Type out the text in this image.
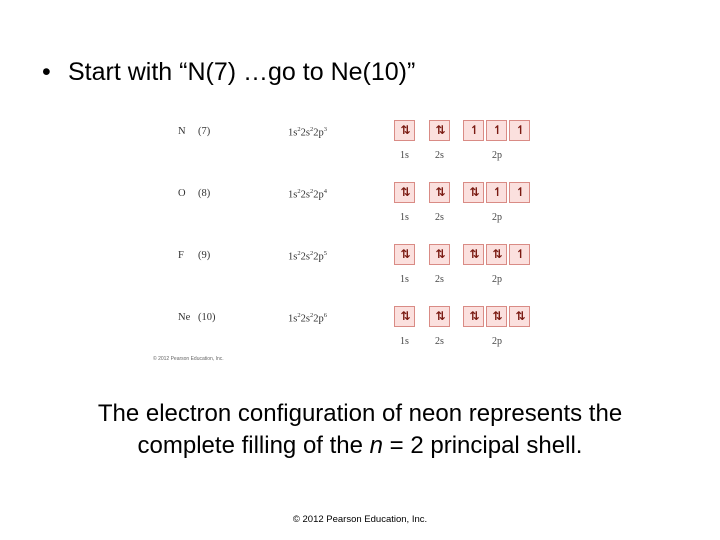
• Start with “N(7) …go to Ne(10)”
N (7)	$1s^22s^22p^3$	⇅	⇅	↿	↿	↿
1s	2s	2p
O (8)	$1s^22s^22p^4$	⇅	⇅	⇅	↿	↿
1s	2s	2p
F (9)	$1s^22s^22p^5$	⇅	⇅	⇅	⇅	↿
1s	2s	2p
Ne (10)	$1s^22s^22p^6$	⇅	⇅	⇅	⇅	⇅
1s	2s	2p
© 2012 Pearson Education, Inc.
The electron configuration of neon represents the
complete filling of the n = 2 principal shell.
© 2012 Pearson Education, Inc.
